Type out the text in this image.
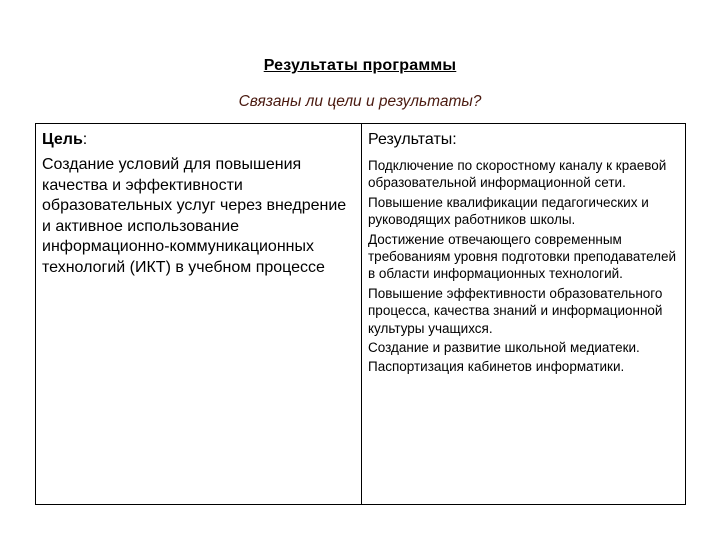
Результаты программы
Связаны ли цели и результаты?
Цель:
Создание условий для повышения качества и эффективности образовательных услуг через внедрение и активное использование информационно-коммуникационных технологий (ИКТ) в учебном процессе
Результаты:
Подключение по скоростному каналу к краевой образовательной информационной сети.
Повышение квалификации педагогических и руководящих работников школы.
Достижение отвечающего современным требованиям уровня подготовки преподавателей в области информационных технологий.
Повышение эффективности образовательного процесса, качества знаний и информационной культуры учащихся.
Создание и развитие школьной медиатеки.
Паспортизация кабинетов информатики.
